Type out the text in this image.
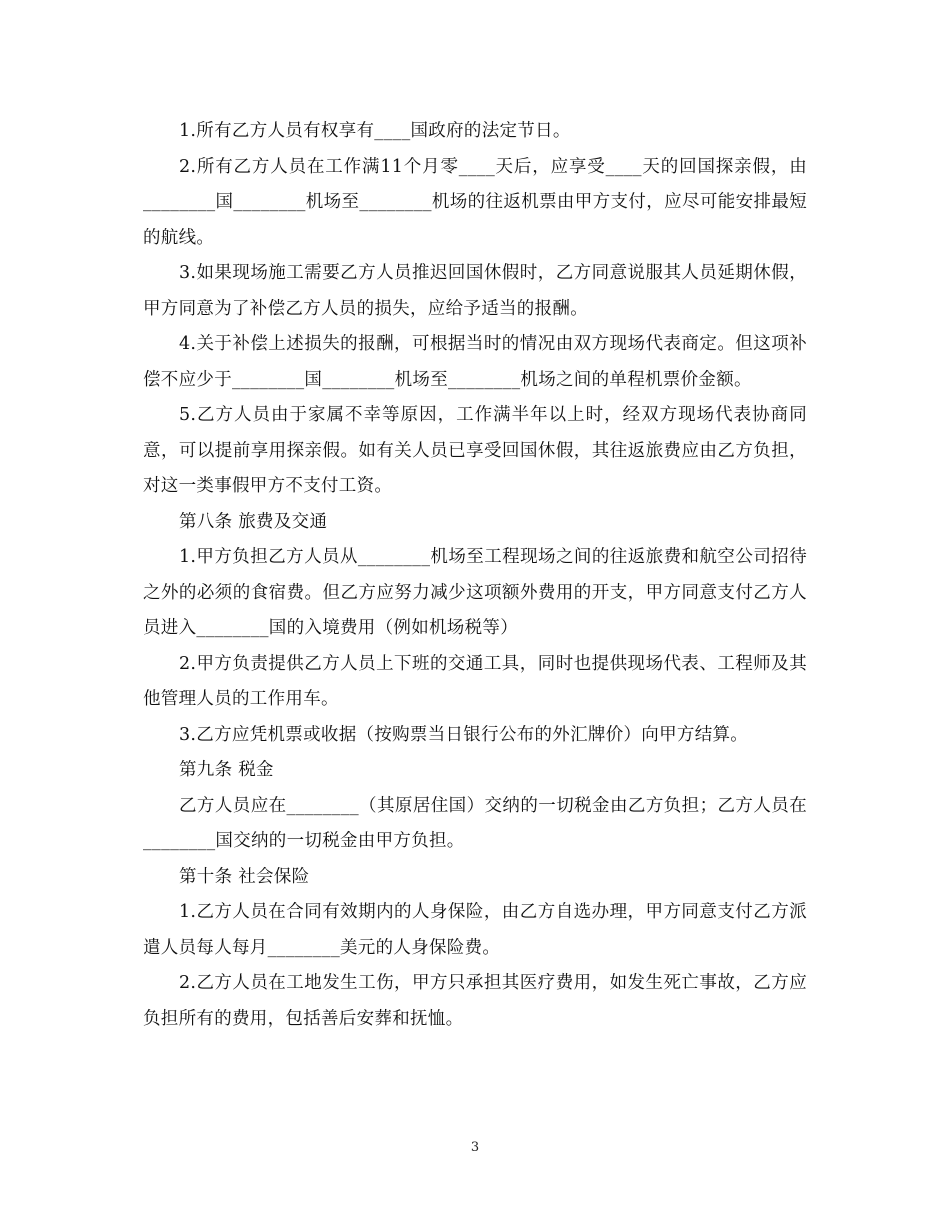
1.所有乙方人员有权享有____国政府的法定节日。

2.所有乙方人员在工作满11个月零____天后，应享受____天的回国探亲假，由________国________机场至________机场的往返机票由甲方支付，应尽可能安排最短的航线。

3.如果现场施工需要乙方人员推迟回国休假时，乙方同意说服其人员延期休假，甲方同意为了补偿乙方人员的损失，应给予适当的报酬。

4.关于补偿上述损失的报酬，可根据当时的情况由双方现场代表商定。但这项补偿不应少于________国________机场至________机场之间的单程机票价金额。

5.乙方人员由于家属不幸等原因，工作满半年以上时，经双方现场代表协商同意，可以提前享用探亲假。如有关人员已享受回国休假，其往返旅费应由乙方负担，对这一类事假甲方不支付工资。

第八条 旅费及交通

1.甲方负担乙方人员从________机场至工程现场之间的往返旅费和航空公司招待之外的必须的食宿费。但乙方应努力减少这项额外费用的开支，甲方同意支付乙方人员进入________国的入境费用（例如机场税等）

2.甲方负责提供乙方人员上下班的交通工具，同时也提供现场代表、工程师及其他管理人员的工作用车。

3.乙方应凭机票或收据（按购票当日银行公布的外汇牌价）向甲方结算。

第九条 税金

乙方人员应在________（其原居住国）交纳的一切税金由乙方负担；乙方人员在________国交纳的一切税金由甲方负担。

第十条 社会保险

1.乙方人员在合同有效期内的人身保险，由乙方自选办理，甲方同意支付乙方派遣人员每人每月________美元的人身保险费。

2.乙方人员在工地发生工伤，甲方只承担其医疗费用，如发生死亡事故，乙方应负担所有的费用，包括善后安葬和抚恤。

3
